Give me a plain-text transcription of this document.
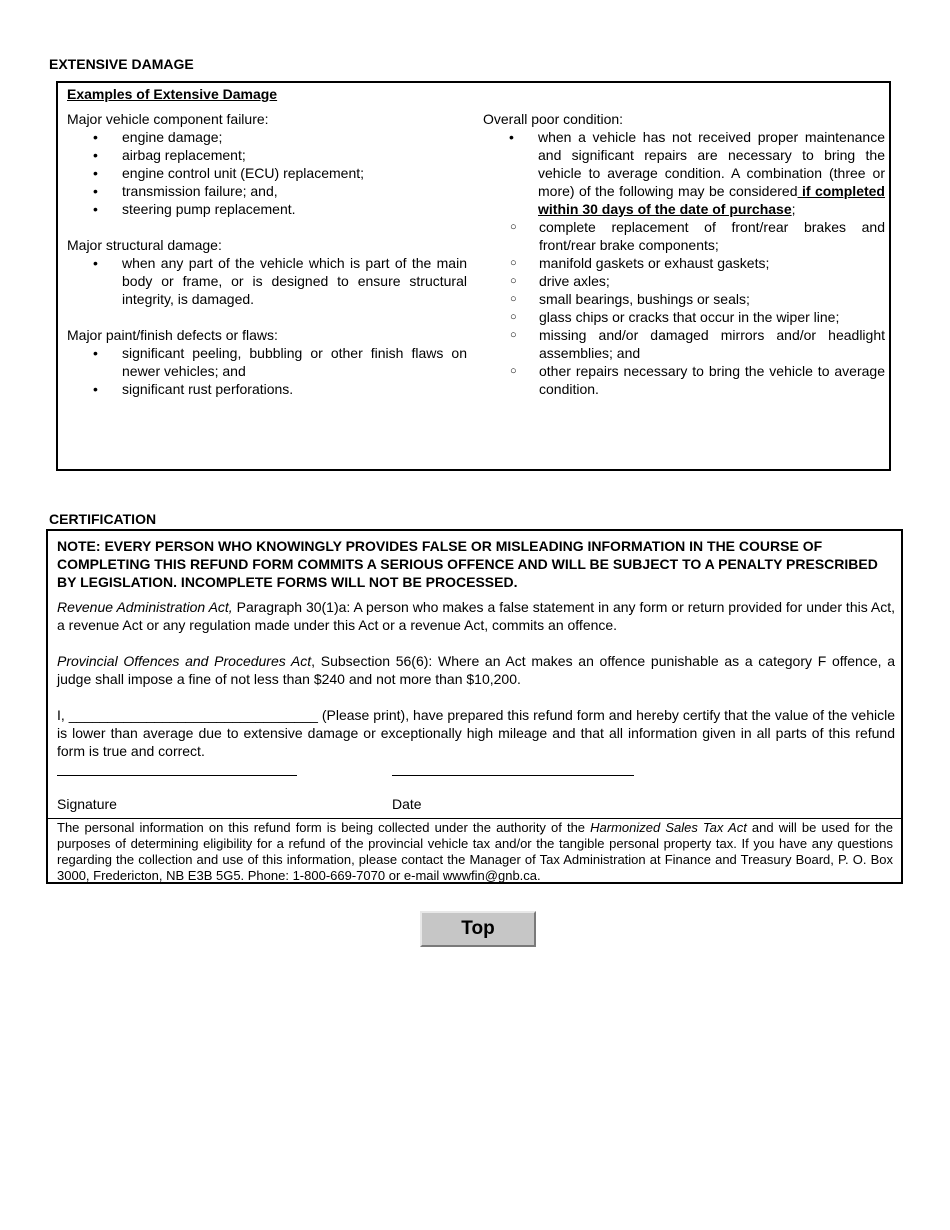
EXTENSIVE DAMAGE
Examples of Extensive Damage

Major vehicle component failure:

• engine damage;
• airbag replacement;
• engine control unit (ECU) replacement;
• transmission failure; and,
• steering pump replacement.

Major structural damage:

• when any part of the vehicle which is part of the main body or frame, or is designed to ensure structural integrity, is damaged.

Major paint/finish defects or flaws:

• significant peeling, bubbling or other finish flaws on newer vehicles; and
• significant rust perforations.

Overall poor condition:

• when a vehicle has not received proper maintenance and significant repairs are necessary to bring the vehicle to average condition. A combination (three or more) of the following may be considered if completed within 30 days of the date of purchase;
○ complete replacement of front/rear brakes and front/rear brake components;
○ manifold gaskets or exhaust gaskets;
○ drive axles;
○ small bearings, bushings or seals;
○ glass chips or cracks that occur in the wiper line;
○ missing and/or damaged mirrors and/or headlight assemblies; and
○ other repairs necessary to bring the vehicle to average condition.
CERTIFICATION
NOTE: EVERY PERSON WHO KNOWINGLY PROVIDES FALSE OR MISLEADING INFORMATION IN THE COURSE OF COMPLETING THIS REFUND FORM COMMITS A SERIOUS OFFENCE AND WILL BE SUBJECT TO A PENALTY PRESCRIBED BY LEGISLATION. INCOMPLETE FORMS WILL NOT BE PROCESSED.
Revenue Administration Act, Paragraph 30(1)a: A person who makes a false statement in any form or return provided for under this Act, a revenue Act or any regulation made under this Act or a revenue Act, commits an offence.
Provincial Offences and Procedures Act, Subsection 56(6): Where an Act makes an offence punishable as a category F offence, a judge shall impose a fine of not less than $240 and not more than $10,200.
I, ________________________________ (Please print), have prepared this refund form and hereby certify that the value of the vehicle is lower than average due to extensive damage or exceptionally high mileage and that all information given in all parts of this refund form is true and correct.
Signature	Date
The personal information on this refund form is being collected under the authority of the Harmonized Sales Tax Act and will be used for the purposes of determining eligibility for a refund of the provincial vehicle tax and/or the tangible personal property tax. If you have any questions regarding the collection and use of this information, please contact the Manager of Tax Administration at Finance and Treasury Board, P. O. Box 3000, Fredericton, NB E3B 5G5. Phone: 1-800-669-7070 or e-mail wwwfin@gnb.ca.
Top
